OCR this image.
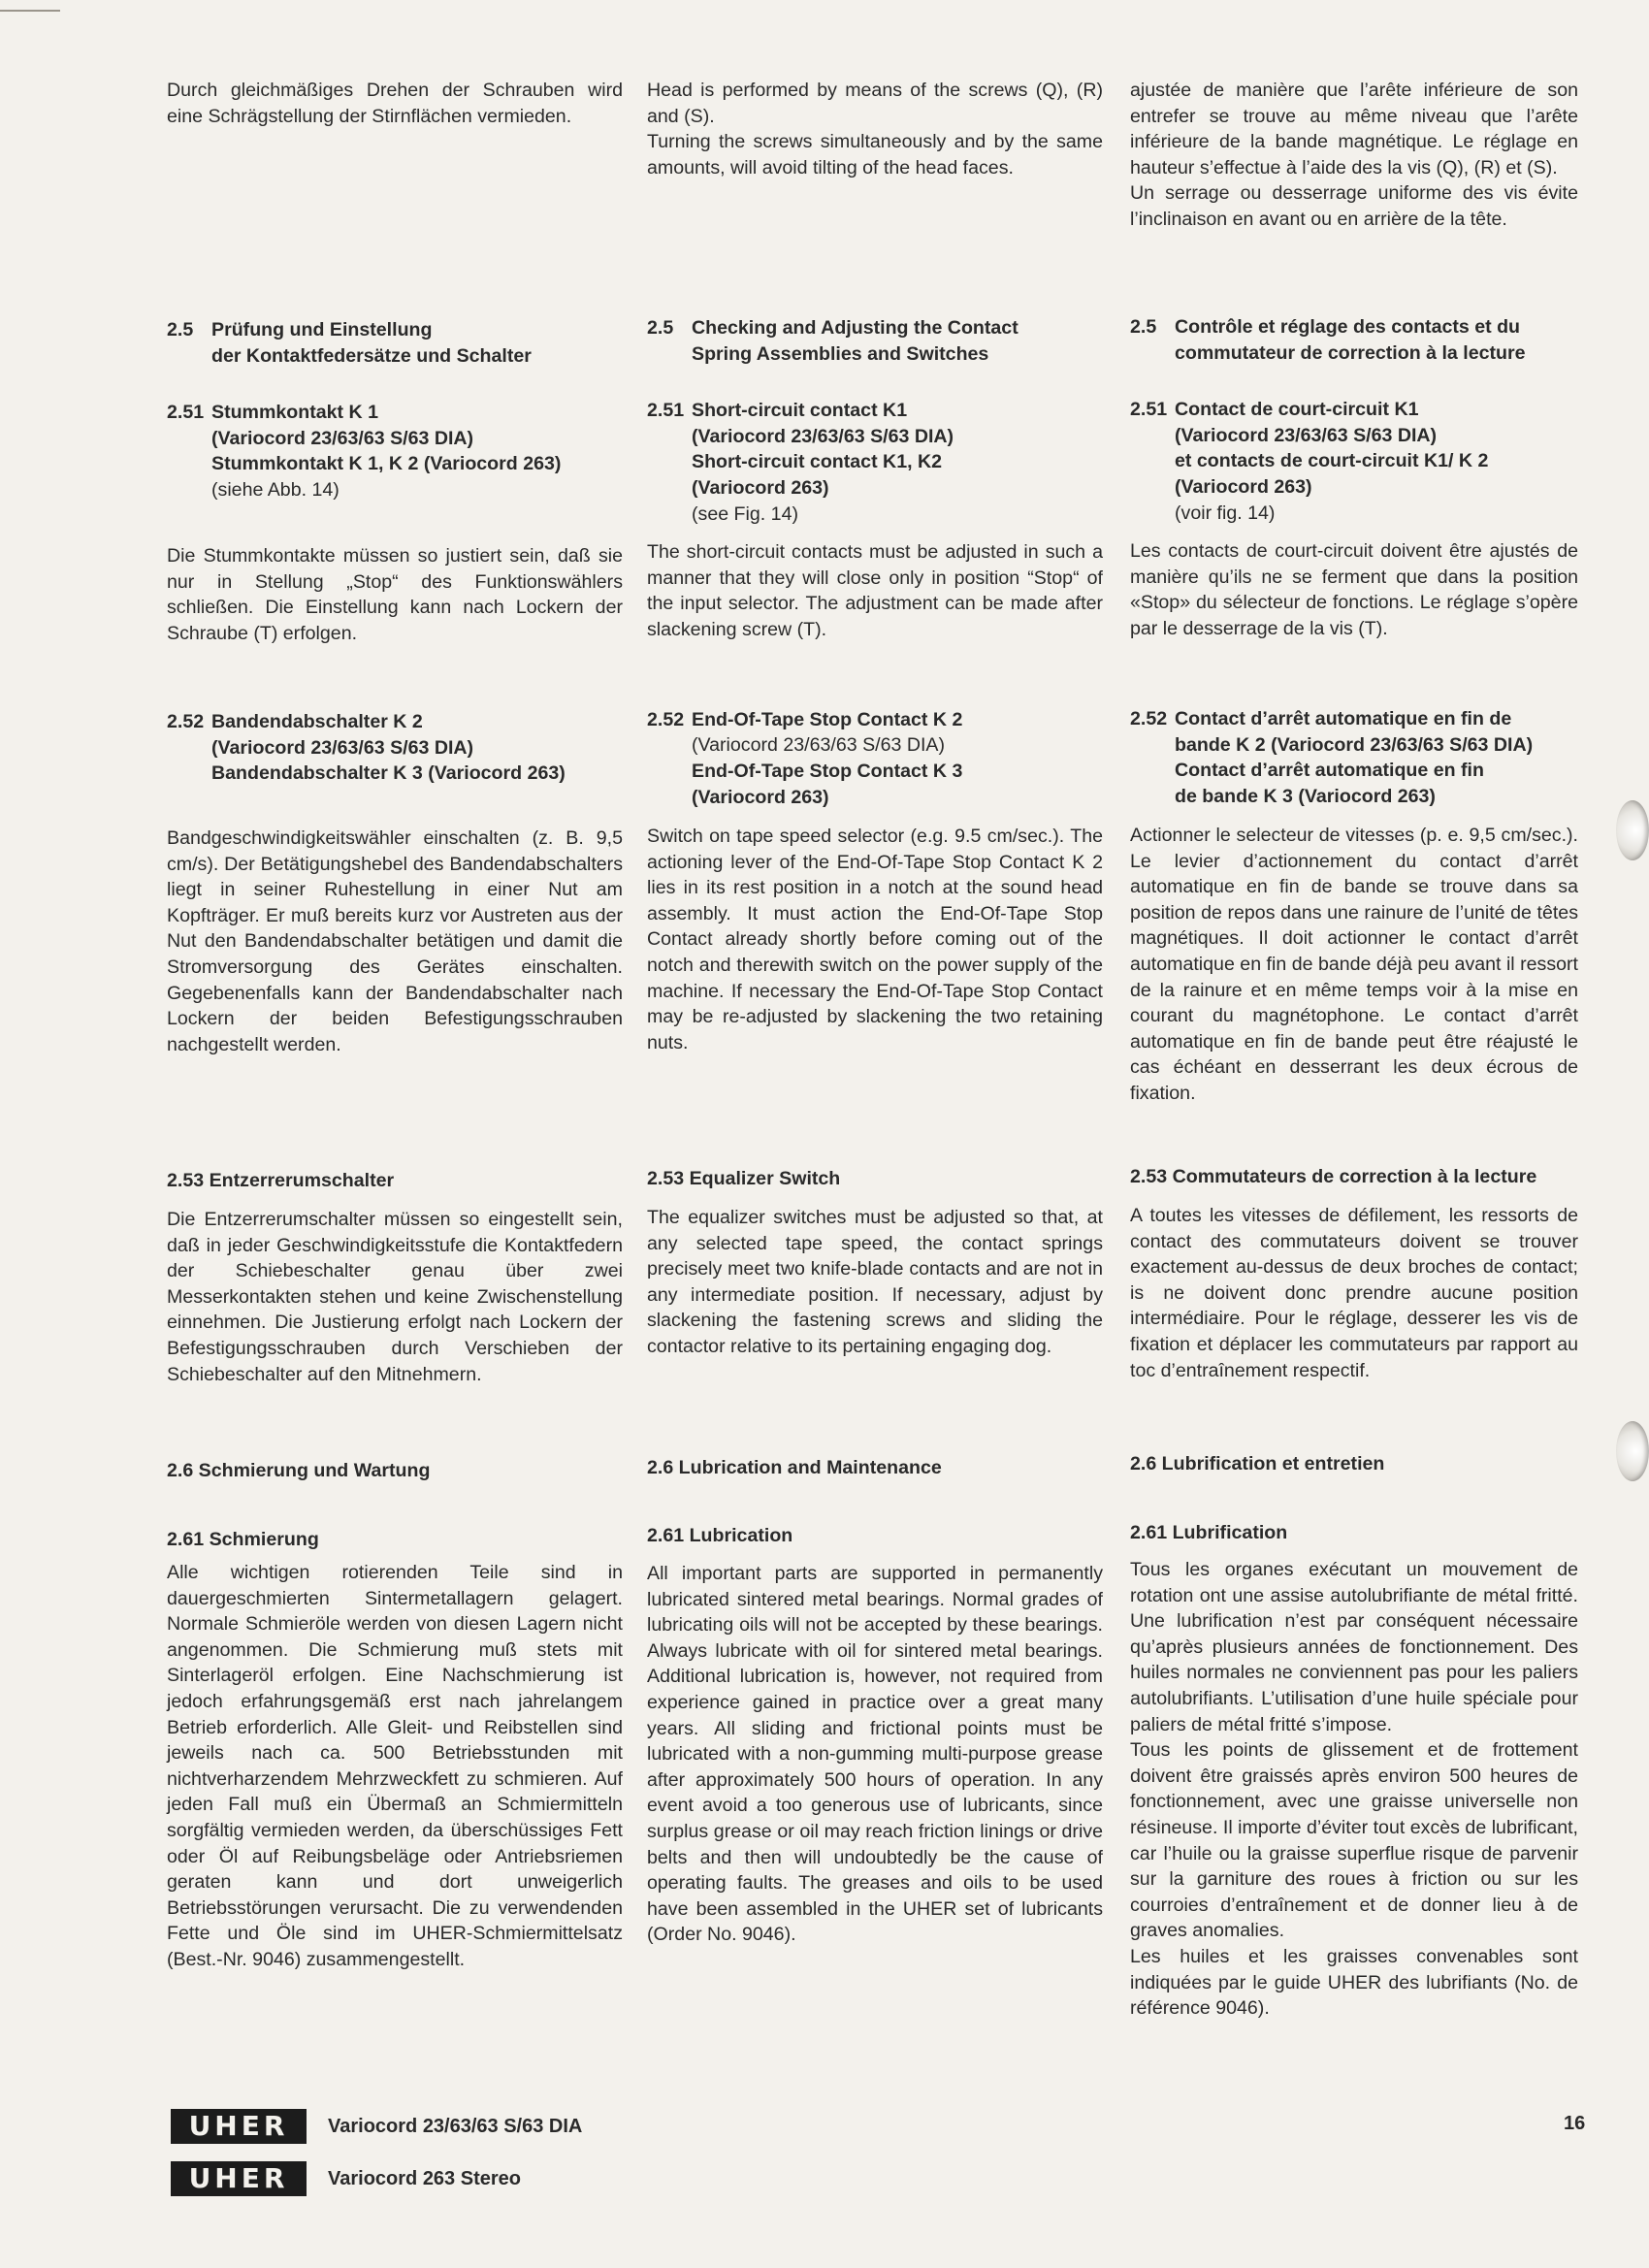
Durch gleichmäßiges Drehen der Schrauben wird eine Schrägstellung der Stirnflächen vermieden.

2.5 Prüfung und Einstellung
der Kontaktfedersätze und Schalter
2.51 Stummkontakt K 1
(Variocord 23/63/63 S/63 DIA)
Stummkontakt K 1, K 2 (Variocord 263)
(siehe Abb. 14)

Die Stummkontakte müssen so justiert sein, daß sie nur in Stellung „Stop“ des Funktionswählers schließen. Die Einstellung kann nach Lockern der Schraube (T) erfolgen.

2.52 Bandendabschalter K 2
(Variocord 23/63/63 S/63 DIA)
Bandendabschalter K 3 (Variocord 263)

Bandgeschwindigkeitswähler einschalten (z. B. 9,5 cm/s). Der Betätigungshebel des Bandendabschalters liegt in seiner Ruhestellung in einer Nut am Kopfträger. Er muß bereits kurz vor Austreten aus der Nut den Bandendabschalter betätigen und damit die Stromversorgung des Gerätes einschalten. Gegebenenfalls kann der Bandendabschalter nach Lockern der beiden Befestigungsschrauben nachgestellt werden.

2.53 Entzerrerumschalter

Die Entzerrerumschalter müssen so eingestellt sein, daß in jeder Geschwindigkeitsstufe die Kontaktfedern der Schiebeschalter genau über zwei Messerkontakten stehen und keine Zwischenstellung einnehmen. Die Justierung erfolgt nach Lockern der Befestigungsschrauben durch Verschieben der Schiebeschalter auf den Mitnehmern.

2.6 Schmierung und Wartung
2.61 Schmierung

Alle wichtigen rotierenden Teile sind in dauergeschmierten Sintermetallagern gelagert. Normale Schmieröle werden von diesen Lagern nicht angenommen. Die Schmierung muß stets mit Sinterlageröl erfolgen. Eine Nachschmierung ist jedoch erfahrungsgemäß erst nach jahrelangem Betrieb erforderlich. Alle Gleit- und Reibstellen sind jeweils nach ca. 500 Betriebsstunden mit nichtverharzendem Mehrzweckfett zu schmieren. Auf jeden Fall muß ein Übermaß an Schmiermitteln sorgfältig vermieden werden, da überschüssiges Fett oder Öl auf Reibungsbeläge oder Antriebsriemen geraten kann und dort unweigerlich Betriebsstörungen verursacht. Die zu verwendenden Fette und Öle sind im UHER-Schmiermittelsatz (Best.-Nr. 9046) zusammengestellt.

Head is performed by means of the screws (Q), (R) and (S).
Turning the screws simultaneously and by the same amounts, will avoid tilting of the head faces.

2.5 Checking and Adjusting the Contact
Spring Assemblies and Switches
2.51 Short-circuit contact K1
(Variocord 23/63/63 S/63 DIA)
Short-circuit contact K1, K2
(Variocord 263)
(see Fig. 14)

The short-circuit contacts must be adjusted in such a manner that they will close only in position “Stop“ of the input selector. The adjustment can be made after slackening screw (T).

2.52 End-Of-Tape Stop Contact K 2
(Variocord 23/63/63 S/63 DIA)
End-Of-Tape Stop Contact K 3
(Variocord 263)

Switch on tape speed selector (e.g. 9.5 cm/sec.). The actioning lever of the End-Of-Tape Stop Contact K 2 lies in its rest position in a notch at the sound head assembly. It must action the End-Of-Tape Stop Contact already shortly before coming out of the notch and therewith switch on the power supply of the machine. If necessary the End-Of-Tape Stop Contact may be re-adjusted by slackening the two retaining nuts.

2.53 Equalizer Switch

The equalizer switches must be adjusted so that, at any selected tape speed, the contact springs precisely meet two knife-blade contacts and are not in any intermediate position. If necessary, adjust by slackening the fastening screws and sliding the contactor relative to its pertaining engaging dog.

2.6 Lubrication and Maintenance
2.61 Lubrication

All important parts are supported in permanently lubricated sintered metal bearings. Normal grades of lubricating oils will not be accepted by these bearings. Always lubricate with oil for sintered metal bearings. Additional lubrication is, however, not required from experience gained in practice over a great many years. All sliding and frictional points must be lubricated with a non-gumming multi-purpose grease after approximately 500 hours of operation. In any event avoid a too generous use of lubricants, since surplus grease or oil may reach friction linings or drive belts and then will undoubtedly be the cause of operating faults. The greases and oils to be used have been assembled in the UHER set of lubricants (Order No. 9046).

ajustée de manière que l’arête inférieure de son entrefer se trouve au même niveau que l’arête inférieure de la bande magnétique. Le réglage en hauteur s’effectue à l’aide des la vis (Q), (R) et (S).
Un serrage ou desserrage uniforme des vis évite l’inclinaison en avant ou en arrière de la tête.

2.5 Contrôle et réglage des contacts et du
commutateur de correction à la lecture
2.51 Contact de court-circuit K1
(Variocord 23/63/63 S/63 DIA)
et contacts de court-circuit K1/ K 2
(Variocord 263)
(voir fig. 14)

Les contacts de court-circuit doivent être ajustés de manière qu’ils ne se ferment que dans la position «Stop» du sélecteur de fonctions. Le réglage s’opère par le desserrage de la vis (T).

2.52 Contact d’arrêt automatique en fin de
bande K 2 (Variocord 23/63/63 S/63 DIA)
Contact d’arrêt automatique en fin
de bande K 3 (Variocord 263)

Actionner le selecteur de vitesses (p. e. 9,5 cm/sec.). Le levier d’actionnement du contact d’arrêt automatique en fin de bande se trouve dans sa position de repos dans une rainure de l’unité de têtes magnétiques. Il doit actionner le contact d’arrêt automatique en fin de bande déjà peu avant il ressort de la rainure et en même temps voir à la mise en courant du magnétophone. Le contact d’arrêt automatique en fin de bande peut être réajusté le cas échéant en desserrant les deux écrous de fixation.

2.53 Commutateurs de correction à la lecture

A toutes les vitesses de défilement, les ressorts de contact des commutateurs doivent se trouver exactement au-dessus de deux broches de contact; is ne doivent donc prendre aucune position intermédiaire. Pour le réglage, desserer les vis de fixation et déplacer les commutateurs par rapport au toc d’entraînement respectif.

2.6 Lubrification et entretien
2.61 Lubrification

Tous les organes exécutant un mouvement de rotation ont une assise autolubrifiante de métal fritté. Une lubrification n’est par conséquent nécessaire qu’après plusieurs années de fonctionnement. Des huiles normales ne conviennent pas pour les paliers autolubrifiants. L’utilisation d’une huile spéciale pour paliers de métal fritté s’impose.
Tous les points de glissement et de frottement doivent être graissés après environ 500 heures de fonctionnement, avec une graisse universelle non résineuse. Il importe d’éviter tout excès de lubrificant, car l’huile ou la graisse superflue risque de parvenir sur la garniture des roues à friction ou sur les courroies d’entraînement et de donner lieu à de graves anomalies.
Les huiles et les graisses convenables sont indiquées par le guide UHER des lubrifiants (No. de référence 9046).

UHER	Variocord 23/63/63 S/63 DIA
UHER	Variocord 263 Stereo
16
